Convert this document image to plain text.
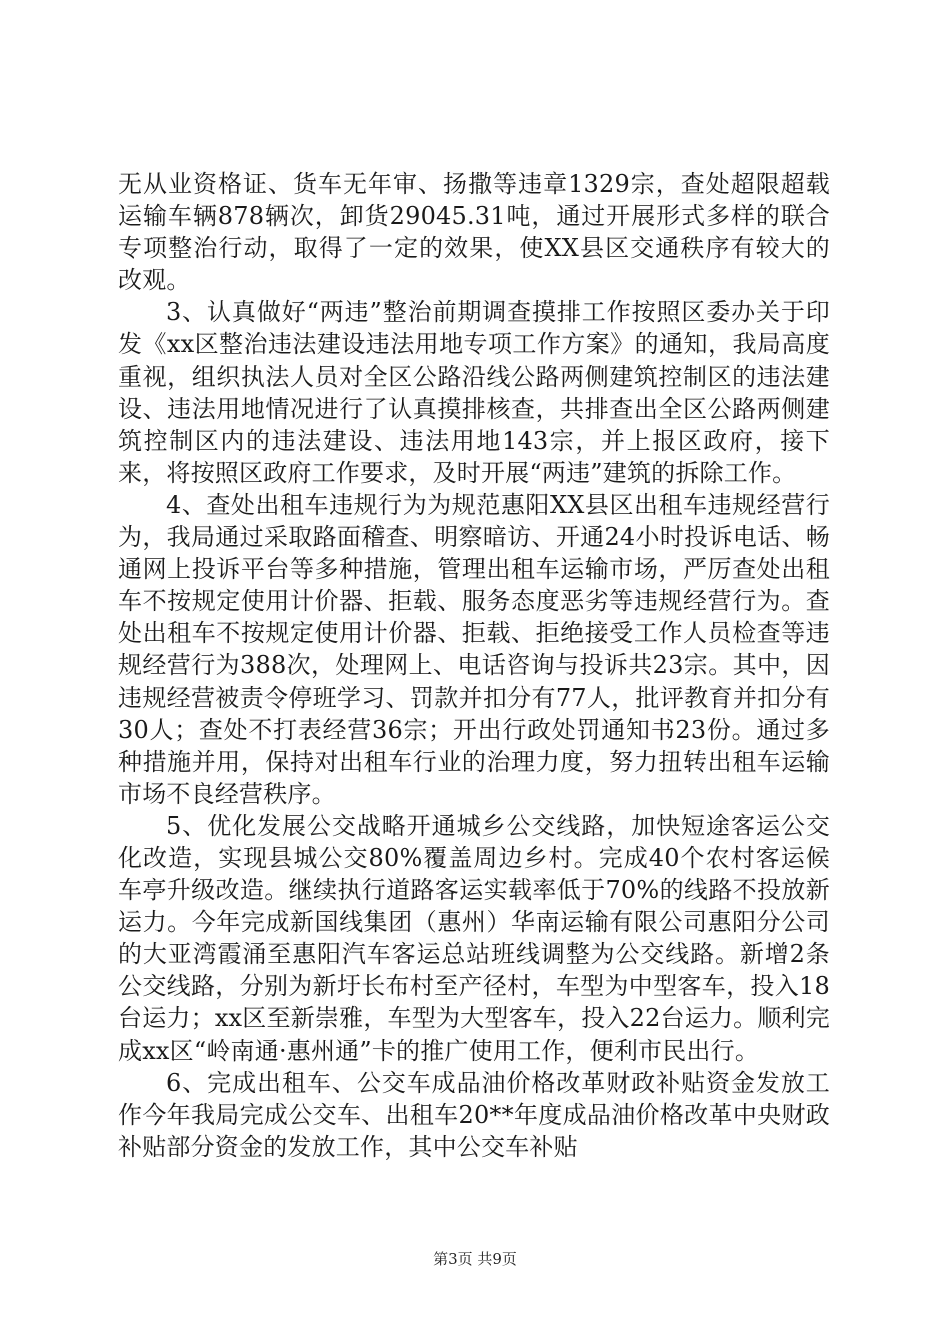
无从业资格证、货车无年审、扬撒等违章1329宗，查处超限超载运输车辆878辆次，卸货29045.31吨，通过开展形式多样的联合专项整治行动，取得了一定的效果，使XX县区交通秩序有较大的改观。

3、认真做好“两违”整治前期调查摸排工作按照区委办关于印发《xx区整治违法建设违法用地专项工作方案》的通知，我局高度重视，组织执法人员对全区公路沿线公路两侧建筑控制区的违法建设、违法用地情况进行了认真摸排核查，共排查出全区公路两侧建筑控制区内的违法建设、违法用地143宗，并上报区政府，接下来，将按照区政府工作要求，及时开展“两违”建筑的拆除工作。

4、查处出租车违规行为为规范惠阳XX县区出租车违规经营行为，我局通过采取路面稽查、明察暗访、开通24小时投诉电话、畅通网上投诉平台等多种措施，管理出租车运输市场，严厉查处出租车不按规定使用计价器、拒载、服务态度恶劣等违规经营行为。查处出租车不按规定使用计价器、拒载、拒绝接受工作人员检查等违规经营行为388次，处理网上、电话咨询与投诉共23宗。其中，因违规经营被责令停班学习、罚款并扣分有77人，批评教育并扣分有30人；查处不打表经营36宗；开出行政处罚通知书23份。通过多种措施并用，保持对出租车行业的治理力度，努力扭转出租车运输市场不良经营秩序。

5、优化发展公交战略开通城乡公交线路，加快短途客运公交化改造，实现县城公交80%覆盖周边乡村。完成40个农村客运候车亭升级改造。继续执行道路客运实载率低于70%的线路不投放新运力。今年完成新国线集团（惠州）华南运输有限公司惠阳分公司的大亚湾霞涌至惠阳汽车客运总站班线调整为公交线路。新增2条公交线路，分别为新圩长布村至产径村，车型为中型客车，投入18台运力；xx区至新崇雅，车型为大型客车，投入22台运力。顺利完成xx区“岭南通·惠州通”卡的推广使用工作，便利市民出行。

6、完成出租车、公交车成品油价格改革财政补贴资金发放工作今年我局完成公交车、出租车20**年度成品油价格改革中央财政补贴部分资金的发放工作，其中公交车补贴

第3页 共9页
